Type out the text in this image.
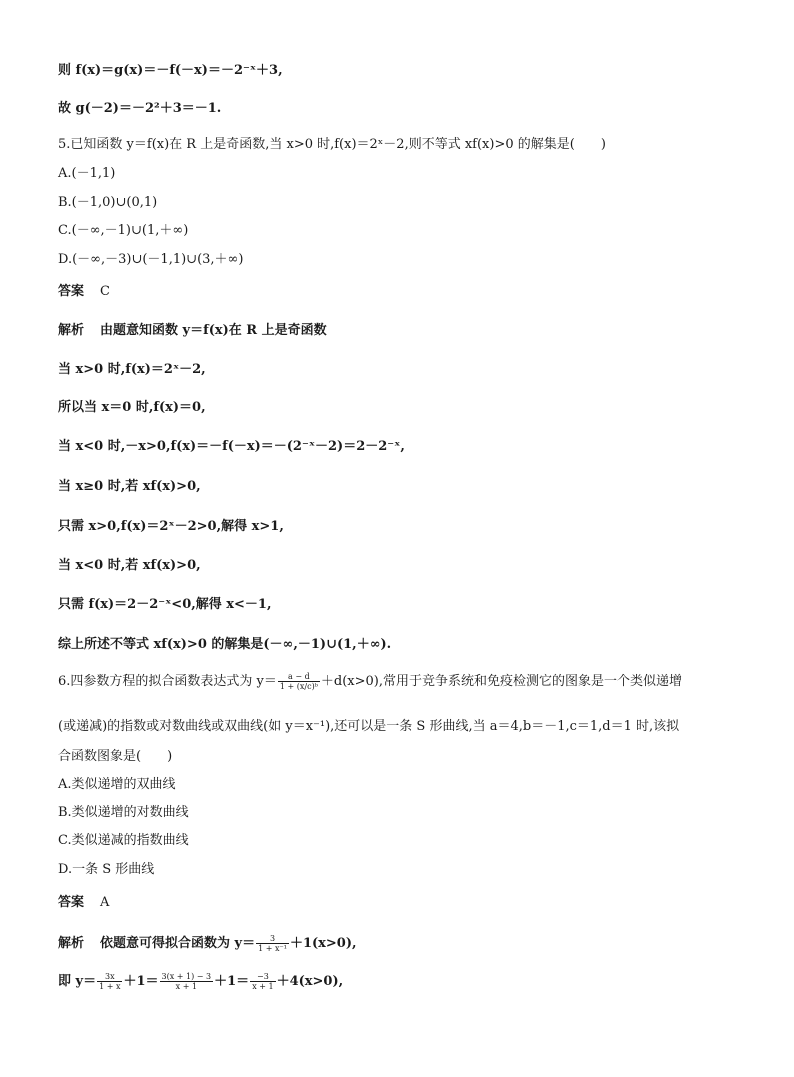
则 f(x)＝g(x)＝－f(－x)＝－2⁻ˣ＋3,
故 g(－2)＝－2²＋3＝－1.
5.已知函数 y＝f(x)在 R 上是奇函数,当 x>0 时,f(x)＝2ˣ－2,则不等式 xf(x)>0 的解集是(　　)
A.(－1,1)
B.(－1,0)∪(0,1)
C.(－∞,－1)∪(1,＋∞)
D.(－∞,－3)∪(－1,1)∪(3,＋∞)
答案 C
解析 由题意知函数 y＝f(x)在 R 上是奇函数
当 x>0 时,f(x)＝2ˣ－2,
所以当 x＝0 时,f(x)＝0,
当 x<0 时,－x>0,f(x)＝－f(－x)＝－(2⁻ˣ－2)＝2－2⁻ˣ,
当 x≥0 时,若 xf(x)>0,
只需 x>0,f(x)＝2ˣ－2>0,解得 x>1,
当 x<0 时,若 xf(x)>0,
只需 f(x)＝2－2⁻ˣ<0,解得 x<－1,
综上所述不等式 xf(x)>0 的解集是(－∞,－1)∪(1,＋∞).
6.四参数方程的拟合函数表达式为 $y= \frac{a - d}{\text{1 + (x/c)ᵇ}} +d(x>0)$,常用于竞争系统和免疫检测它的图象是一个类似递增
(或递减)的指数或对数曲线或双曲线(如 y＝x⁻¹),还可以是一条 S 形曲线,当 a＝4,b＝－1,c＝1,d＝1 时,该拟
合函数图象是(　　)
A.类似递增的双曲线
B.类似递增的对数曲线
C.类似递减的指数曲线
D.一条 S 形曲线
答案 A
解析 依题意可得拟合函数为 $y= \frac{3}{\text{1 + x⁻¹}} +1(x>0)$,
即 $y= \frac{3x}{1 + x} +1= \frac{3(x + 1) - 3}{x + 1} +1= \frac{-3}{x + 1} +4(x>0)$,
